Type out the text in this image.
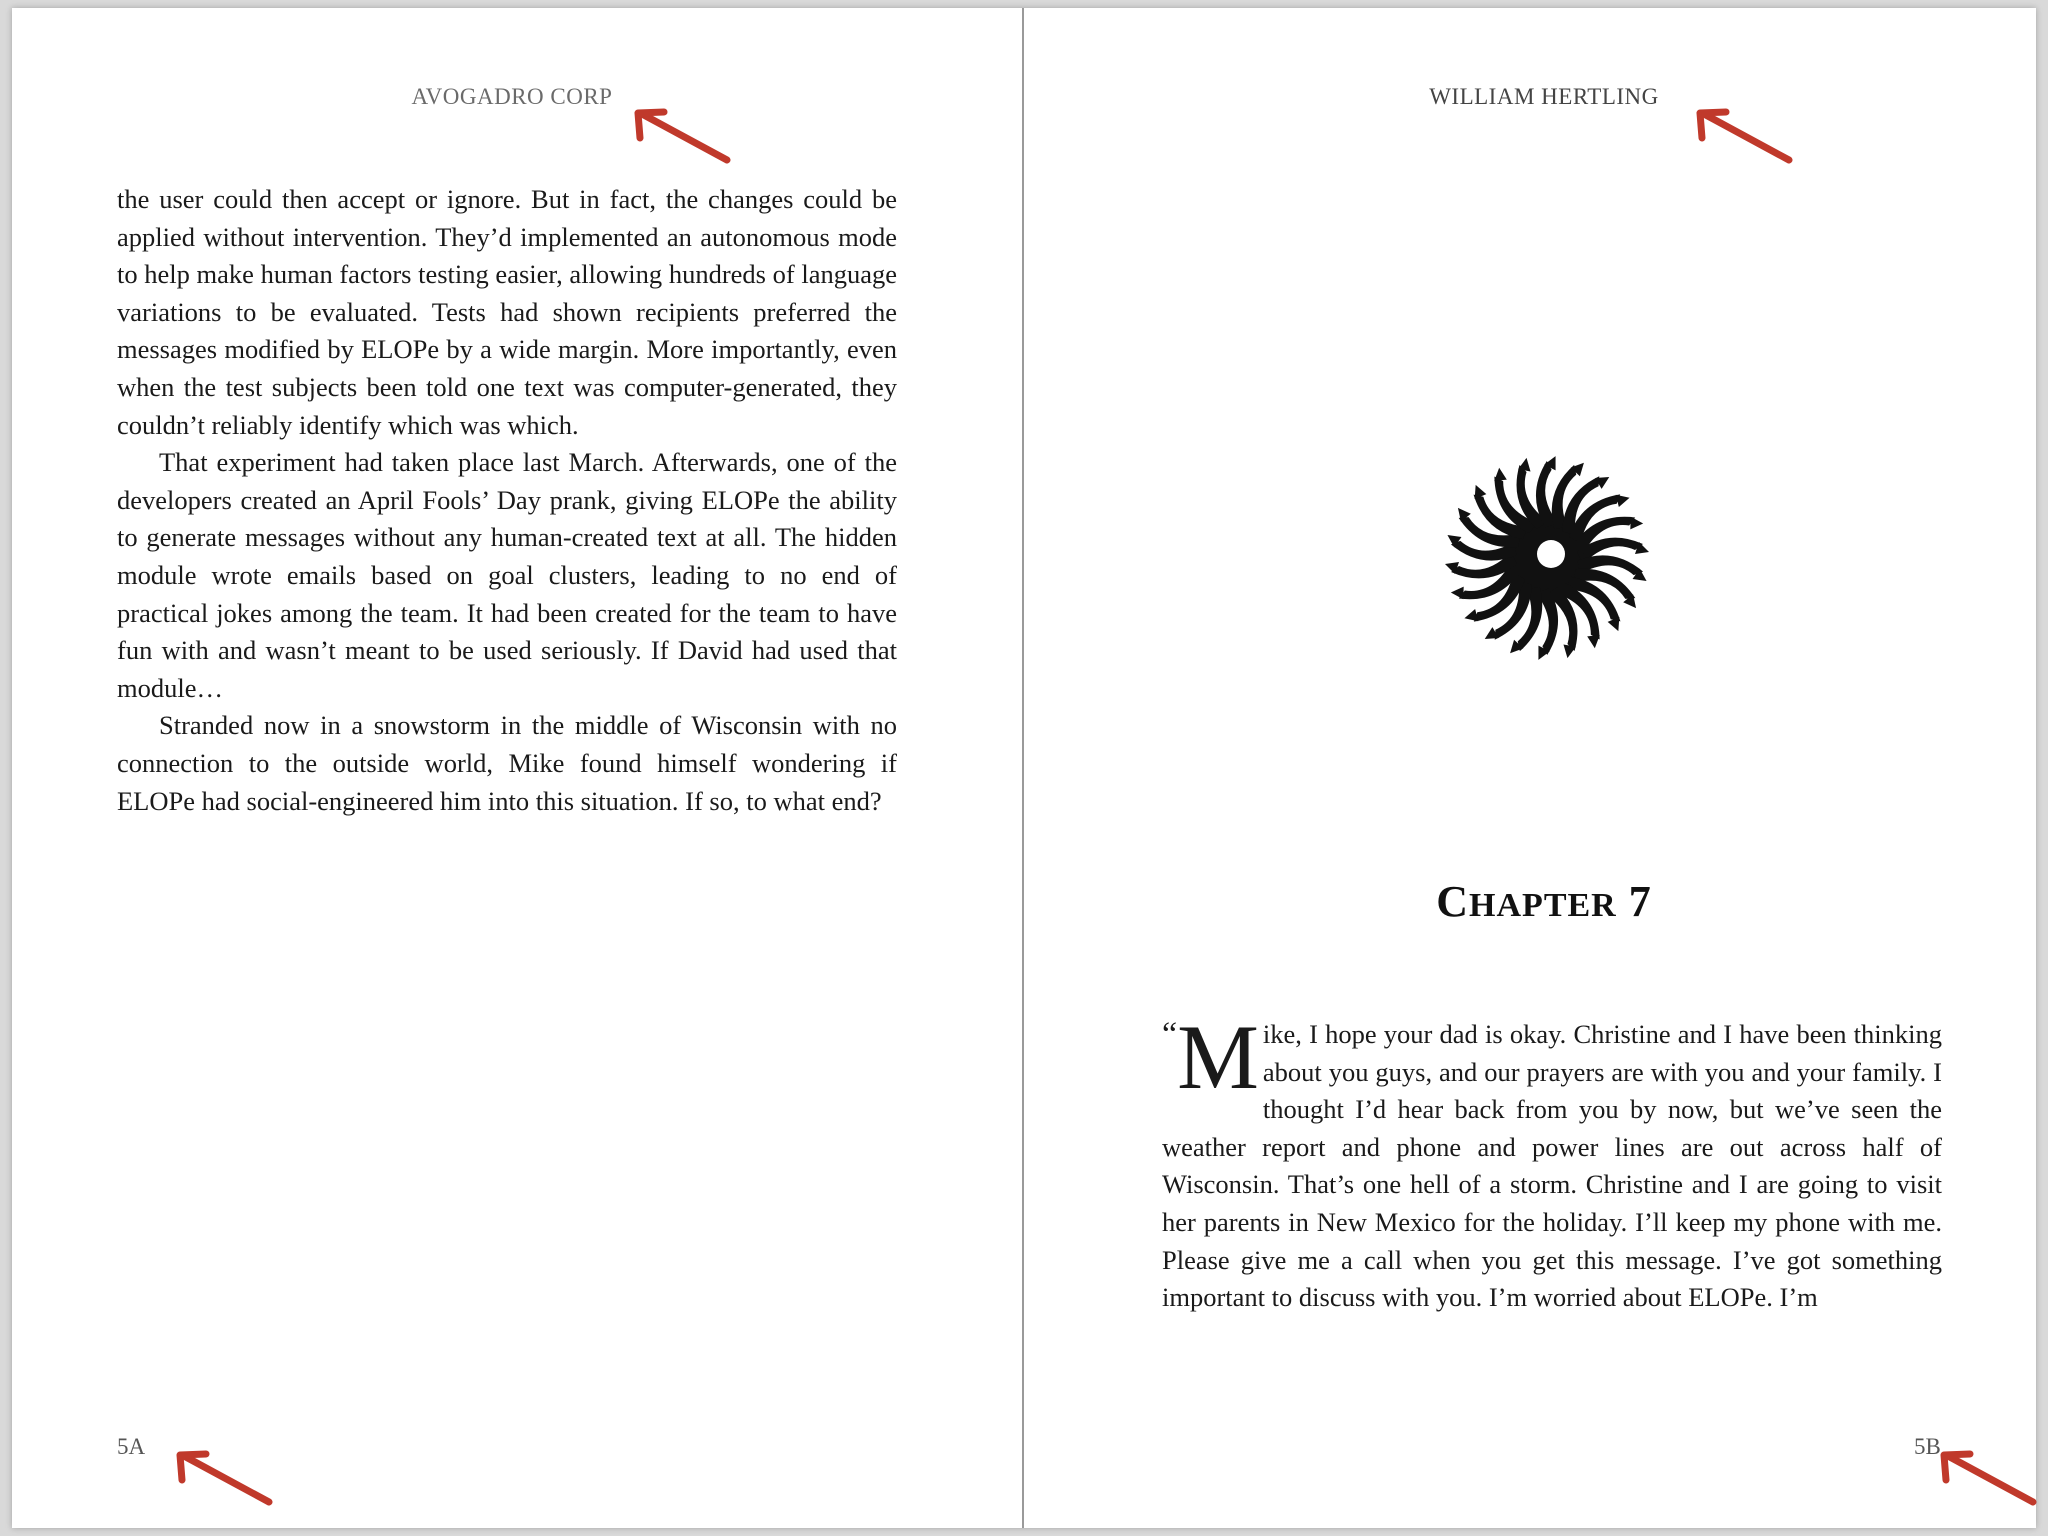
AVOGADRO CORP

the user could then accept or ignore. But in fact, the changes could be applied without intervention. They’d implemented an autonomous mode to help make human factors testing easier, allowing hundreds of language variations to be evaluated. Tests had shown recipients preferred the messages modified by ELOPe by a wide margin. More importantly, even when the test subjects been told one text was computer-generated, they couldn’t reliably identify which was which.

That experiment had taken place last March. Afterwards, one of the developers created an April Fools’ Day prank, giving ELOPe the ability to generate messages without any human-created text at all. The hidden module wrote emails based on goal clusters, leading to no end of practical jokes among the team. It had been created for the team to have fun with and wasn’t meant to be used seriously. If David had used that module…

Stranded now in a snowstorm in the middle of Wisconsin with no connection to the outside world, Mike found himself wondering if ELOPe had social-engineered him into this situation. If so, to what end?

5A
WILLIAM HERTLING
CHAPTER 7
“M ike, I hope your dad is okay. Christine and I have been thinking about you guys, and our prayers are with you and your family. I thought I’d hear back from you by now, but we’ve seen the weather report and phone and power lines are out across half of Wisconsin. That’s one hell of a storm. Christine and I are going to visit her parents in New Mexico for the holiday. I’ll keep my phone with me. Please give me a call when you get this message. I’ve got something important to discuss with you. I’m worried about ELOPe. I’m
5B
